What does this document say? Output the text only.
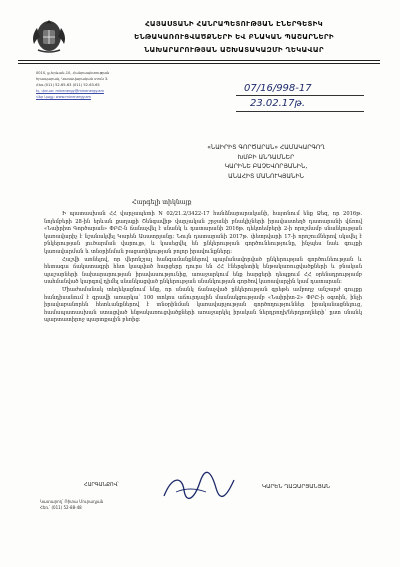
ՀԱՅԱՍՏԱՆԻ ՀԱՆՐԱՊԵՏՈՒԹՅԱՆ ԷՆԵՐԳԵՏԻԿ
ԵՆԹԱԿԱՌՈՒՑՎԱԾՔՆԵՐԻ ԵՎ ԲՆԱԿԱՆ ՊԱՇԱՐՆԵՐԻ
ՆԱԽԱՐԱՐՈՒԹՅԱՆ ԱՇԽԱՏԱԿԱԶՄԻ ՂԵԿԱՎԱՐ
0010, ք.Երևան-10, Հանրապետության
հրապարակ, Կառավարական տուն 3.
Հեռ.(011) 52-65-63 (011) 52-63-65
Էլ. փոստ: minenergy@minenergy.am
Վեբ կայք: www.minenergy.am
07/16/998-17
23.02.17թ.
«ՆԱԻՐԻՏ ԳՈՐԾԱՐԱՆ» ՀԱՄԱԿԱՐԳՈՂ
ԽՄԲԻ ԱՆԴԱՄՆԵՐ
ԿԱՐԻՆԵ ԲԱՉԵՎՈՐՅԱՆԻՆ,
ԱՆԱՀԻՏ ՄԱՆՈՒԿՅԱՆԻՆ
Հարգելի տիկնայք

Ի պատասխան ՀՀ վարչապետի N 02/21.2/3422-17 հանձնարարականի, հայտնում ենք Ձեզ, որ 2016թ. նոյեմբերի 28-ին երևան քաղաքի Շենգավիթ վարչական շրջանի բնակիչների իրավաստեղծ դատարանի վճռով «Նաիրիտ Գործարան» ՓԲԸ-ն ճանաչվել է սնանկ և դատարանի 2016թ. դեկտեմբերի 2-ի որոշմամբ սնանկության կառավարիչ է նշանակվել Կարեն Ասատրյանը: Նույն դատարանի 2017թ. փետրվարի 17-ի որոշումներով սկսվել է բնկերության լուծարման վարույթ, և կասեցվել են ընկերության գործունեությունը, ինչպես նաև գույքի կառավարման և տնօրինման բացառիկության բոլոր իրավունքները:

Հաշվի առնելով, որ վերոնշյալ հանգամանքներով պայմանավորված ընկերության գործունեության և հետագա ճակատագրի հետ կապված հարցերը դուրս են ՀՀ էներգետիկ ենթակառուցվածքների և բնական պաշարների նախարարության իրավասությունից, առաջարկում ենք հարցերի դեպքում ՀՀ օրենսդրությամբ սահմանված կարգով դիմել սնանկացված ընկերության սնանկության գործով կառավարչին կամ դատարան:

Միաժամանակ տեղեկացնում ենք, որ սնանկ ճանաչված ընկերության գրեթե ամբողջ անշարժ գույքը հանդիսանում է գրավի առարկա՝ 100 տոկոս աճուրդային մասնակցությամբ «Նաիրիտ-2» ՓԲԸ-ի օգտին, ինչի իրավաբանորեն հետևանքներով է տնօրինման կառավարչության գործողություններ իրականացնելուց, համապատասխան ստացված ենթակառուցվածքների առաջարկել իրական ներդրողի/ներդրողների՝ ըստ սնանկ պարտատիրոջ պարտքային բեռից:

ՀԱՐԳԱՆՔՈՎ՝	ԿԱՐԵՆ ՂԱԶԱՐՅԱՆՅԱՆ
Կատարող՝ Ռիտա Մուրադյան
Հեռ.՝ (011) 52-88-48
